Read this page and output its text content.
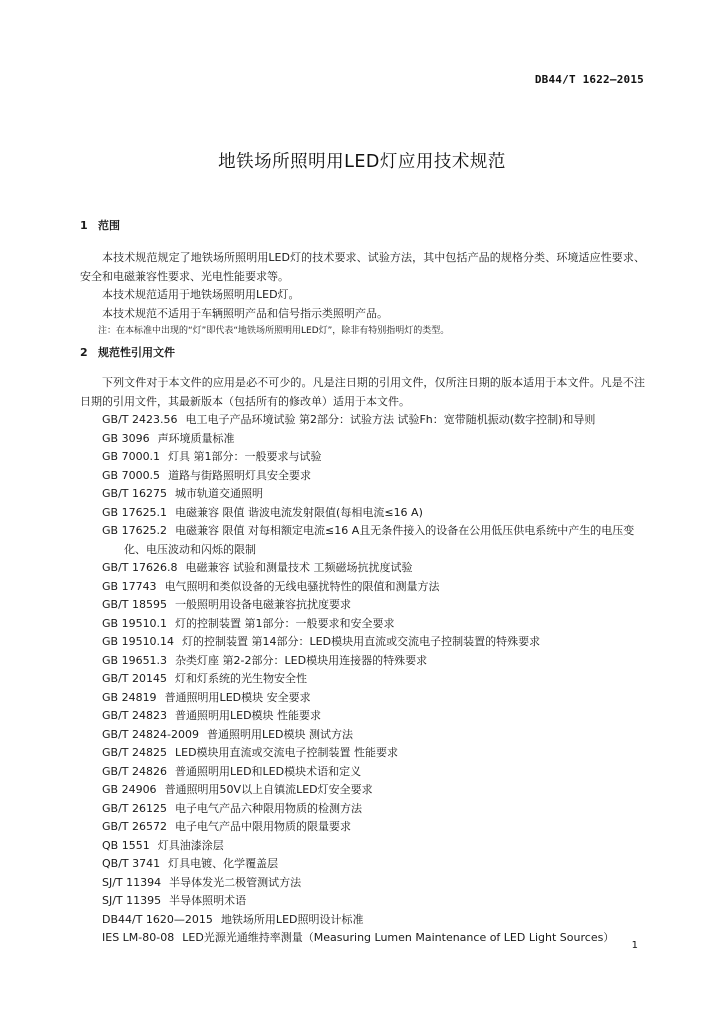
DB44/T 1622—2015
地铁场所照明用LED灯应用技术规范
1 范围

本技术规范规定了地铁场所照明用LED灯的技术要求、试验方法，其中包括产品的规格分类、环境适应性要求、安全和电磁兼容性要求、光电性能要求等。

本技术规范适用于地铁场照明用LED灯。

本技术规范不适用于车辆照明产品和信号指示类照明产品。

注：在本标准中出现的“灯”即代表“地铁场所照明用LED灯”，除非有特别指明灯的类型。

2 规范性引用文件

下列文件对于本文件的应用是必不可少的。凡是注日期的引用文件，仅所注日期的版本适用于本文件。凡是不注日期的引用文件，其最新版本（包括所有的修改单）适用于本文件。

GB/T 2423.56 电工电子产品环境试验 第2部分：试验方法 试验Fh：宽带随机振动(数字控制)和导则

GB 3096 声环境质量标准

GB 7000.1 灯具 第1部分：一般要求与试验

GB 7000.5 道路与街路照明灯具安全要求

GB/T 16275 城市轨道交通照明

GB 17625.1 电磁兼容 限值 谐波电流发射限值(每相电流≤16 A)

GB 17625.2 电磁兼容 限值 对每相额定电流≤16 A且无条件接入的设备在公用低压供电系统中产生的电压变化、电压波动和闪烁的限制

GB/T 17626.8 电磁兼容 试验和测量技术 工频磁场抗扰度试验

GB 17743 电气照明和类似设备的无线电骚扰特性的限值和测量方法

GB/T 18595 一般照明用设备电磁兼容抗扰度要求

GB 19510.1 灯的控制装置 第1部分：一般要求和安全要求

GB 19510.14 灯的控制装置 第14部分：LED模块用直流或交流电子控制装置的特殊要求

GB 19651.3 杂类灯座 第2-2部分：LED模块用连接器的特殊要求

GB/T 20145 灯和灯系统的光生物安全性

GB 24819 普通照明用LED模块 安全要求

GB/T 24823 普通照明用LED模块 性能要求

GB/T 24824-2009 普通照明用LED模块 测试方法

GB/T 24825 LED模块用直流或交流电子控制装置 性能要求

GB/T 24826 普通照明用LED和LED模块术语和定义

GB 24906 普通照明用50V以上自镇流LED灯安全要求

GB/T 26125 电子电气产品六种限用物质的检测方法

GB/T 26572 电子电气产品中限用物质的限量要求

QB 1551 灯具油漆涂层

QB/T 3741 灯具电镀、化学覆盖层

SJ/T 11394 半导体发光二极管测试方法

SJ/T 11395 半导体照明术语

DB44/T 1620—2015 地铁场所用LED照明设计标准

IES LM-80-08 LED光源光通维持率测量（Measuring Lumen Maintenance of LED Light Sources）

1
